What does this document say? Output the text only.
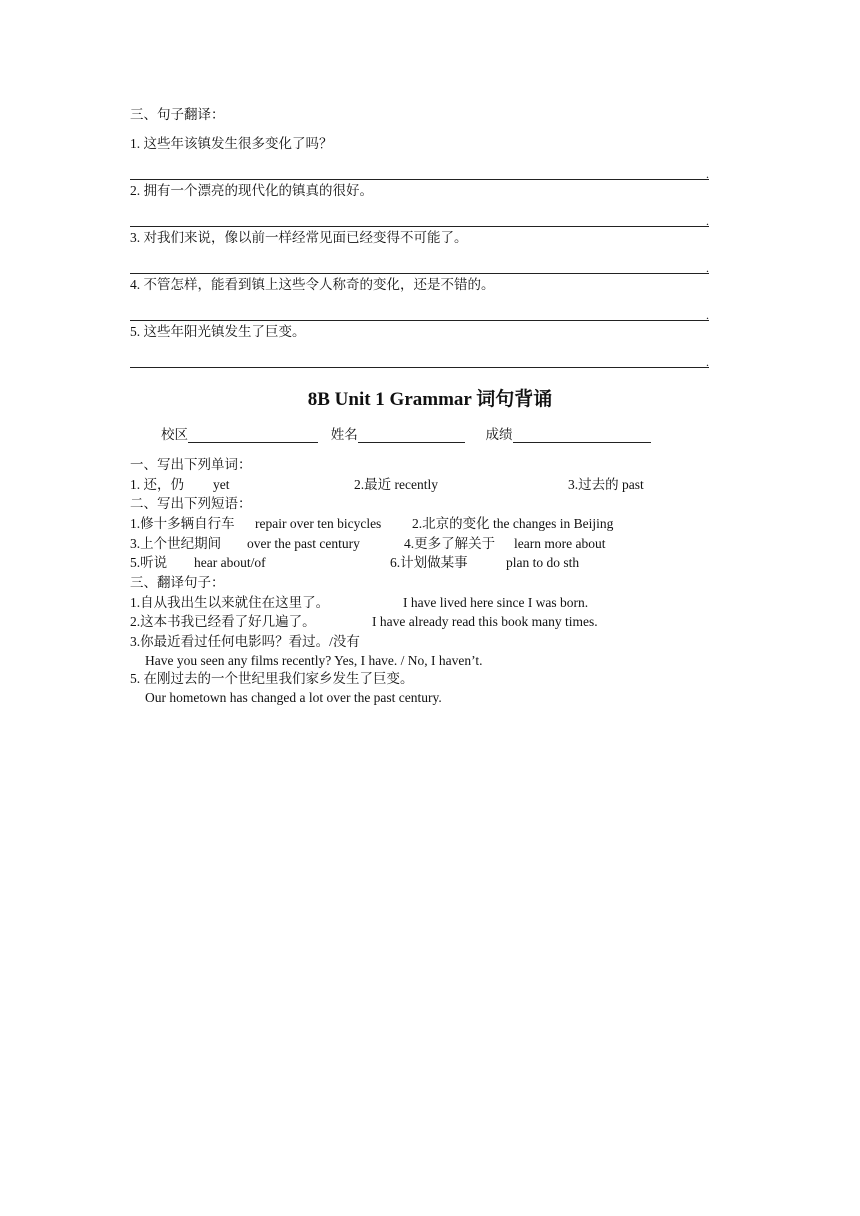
三、句子翻译：
1. 这些年该镇发生很多变化了吗？
.
2. 拥有一个漂亮的现代化的镇真的很好。
.
3. 对我们来说，像以前一样经常见面已经变得不可能了。
.
4. 不管怎样，能看到镇上这些令人称奇的变化，还是不错的。
.
5. 这些年阳光镇发生了巨变。
.
8B Unit 1 Grammar 词句背诵
校区	姓名	成绩
一、写出下列单词：
1. 还，仍 yet	2.最近 recently	3.过去的 past
二、写出下列短语：
1.修十多辆自行车 repair over ten bicycles 2.北京的变化 the changes in Beijing
3.上个世纪期间 over the past century	4.更多了解关于 learn more about
5.听说 hear about/of	6.计划做某事	plan to do sth
三、翻译句子：
1.自从我出生以来就住在这里了。	I have lived here since I was born.
2.这本书我已经看了好几遍了。	I have already read this book many times.
3.你最近看过任何电影吗？看过。/没有
Have you seen any films recently? Yes, I have. / No, I haven’t.
5. 在刚过去的一个世纪里我们家乡发生了巨变。
Our hometown has changed a lot over the past century.
